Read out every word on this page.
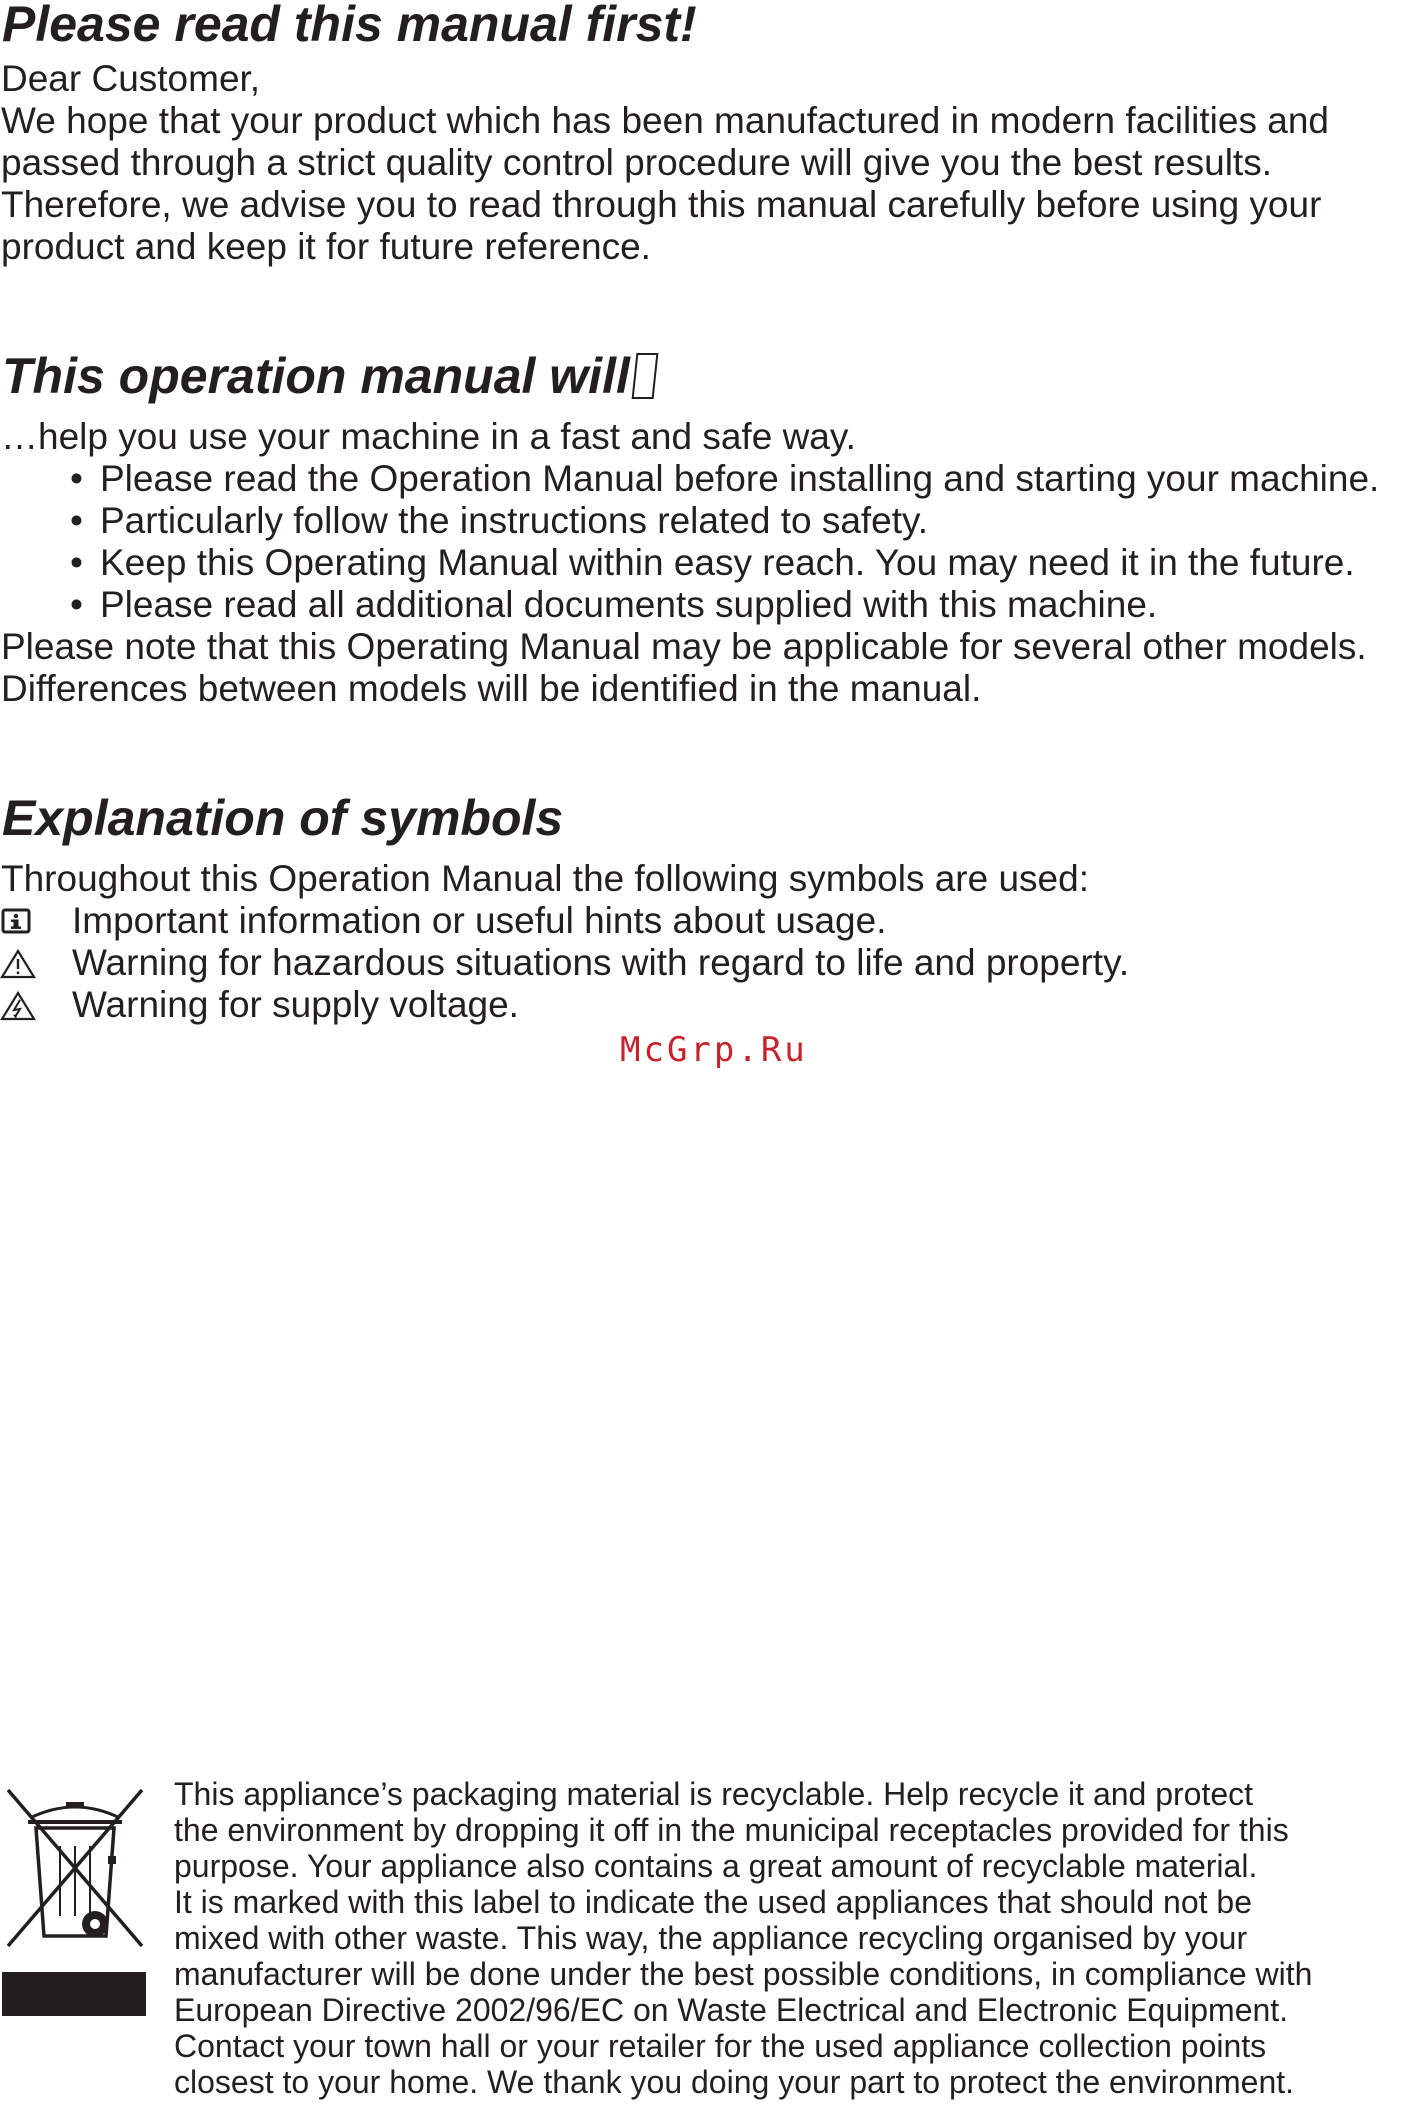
Please read this manual first!
Dear Customer,
We hope that your product which has been manufactured in modern facilities and
passed through a strict quality control procedure will give you the best results.
Therefore, we advise you to read through this manual carefully before using your
product and keep it for future reference.
This operation manual will
…help you use your machine in a fast and safe way.
• Please read the Operation Manual before installing and starting your machine.
• Particularly follow the instructions related to safety.
• Keep this Operating Manual within easy reach. You may need it in the future.
• Please read all additional documents supplied with this machine.
Please note that this Operating Manual may be applicable for several other models.
Differences between models will be identified in the manual.
Explanation of symbols
Throughout this Operation Manual the following symbols are used:
Important information or useful hints about usage.
Warning for hazardous situations with regard to life and property.
Warning for supply voltage.
McGrp.Ru
This appliance’s packaging material is recyclable. Help recycle it and protect
the environment by dropping it off in the municipal receptacles provided for this
purpose. Your appliance also contains a great amount of recyclable material.
It is marked with this label to indicate the used appliances that should not be
mixed with other waste. This way, the appliance recycling organised by your
manufacturer will be done under the best possible conditions, in compliance with
European Directive 2002/96/EC on Waste Electrical and Electronic Equipment.
Contact your town hall or your retailer for the used appliance collection points
closest to your home. We thank you doing your part to protect the environment.
